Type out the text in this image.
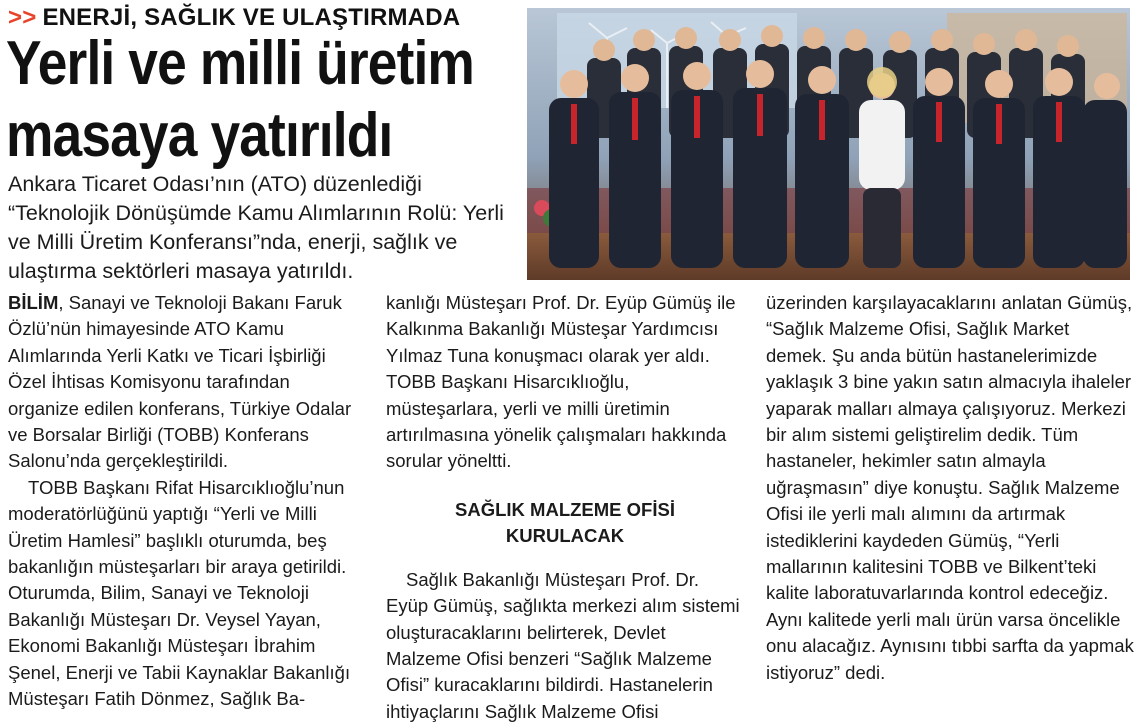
>> ENERJİ, SAĞLIK VE ULAŞTIRMADA
Yerli ve milli üretim
masaya yatırıldı
Ankara Ticaret Odası’nın (ATO) düzenlediği “Teknolojik Dönüşümde Kamu Alımlarının Rolü: Yerli ve Milli Üretim Konferansı”nda, enerji, sağlık ve ulaştırma sektörleri masaya yatırıldı.

BİLİM, Sanayi ve Teknoloji Bakanı Faruk Özlü’nün himayesinde ATO Kamu Alımlarında Yerli Katkı ve Ticari İşbirliği Özel İhtisas Komisyonu tarafından organize edilen konferans, Türkiye Odalar ve Borsalar Birliği (TOBB) Konferans Salonu’nda gerçekleştirildi.

TOBB Başkanı Rifat Hisarcıklıoğlu’nun moderatörlüğünü yaptığı “Yerli ve Milli Üretim Hamlesi” başlıklı oturumda, beş bakanlığın müsteşarları bir araya getirildi. Oturumda, Bilim, Sanayi ve Teknoloji Bakanlığı Müsteşarı Dr. Veysel Yayan, Ekonomi Bakanlığı Müsteşarı İbrahim Şenel, Enerji ve Tabii Kaynaklar Bakanlığı Müsteşarı Fatih Dönmez, Sağlık Ba-

kanlığı Müsteşarı Prof. Dr. Eyüp Gümüş ile Kalkınma Bakanlığı Müsteşar Yardımcısı Yılmaz Tuna konuşmacı olarak yer aldı. TOBB Başkanı Hisarcıklıoğlu, müsteşarlara, yerli ve milli üretimin artırılmasına yönelik çalışmaları hakkında sorular yöneltti.

SAĞLIK MALZEME OFİSİ
KURULACAK

Sağlık Bakanlığı Müsteşarı Prof. Dr. Eyüp Gümüş, sağlıkta merkezi alım sistemi oluşturacaklarını belirterek, Devlet Malzeme Ofisi benzeri “Sağlık Malzeme Ofisi” kuracaklarını bildirdi. Hastanelerin ihtiyaçlarını Sağlık Malzeme Ofisi

üzerinden karşılayacaklarını anlatan Gümüş, “Sağlık Malzeme Ofisi, Sağlık Market demek. Şu anda bütün hastanelerimizde yaklaşık 3 bine yakın satın almacıyla ihaleler yaparak malları almaya çalışıyoruz. Merkezi bir alım sistemi geliştirelim dedik. Tüm hastaneler, hekimler satın almayla uğraşmasın” diye konuştu. Sağlık Malzeme Ofisi ile yerli malı alımını da artırmak istediklerini kaydeden Gümüş, “Yerli mallarının kalitesini TOBB ve Bilkent’teki kalite laboratuvarlarında kontrol edeceğiz. Aynı kalitede yerli malı ürün varsa öncelikle onu alacağız. Aynısını tıbbi sarfta da yapmak istiyoruz” dedi.
